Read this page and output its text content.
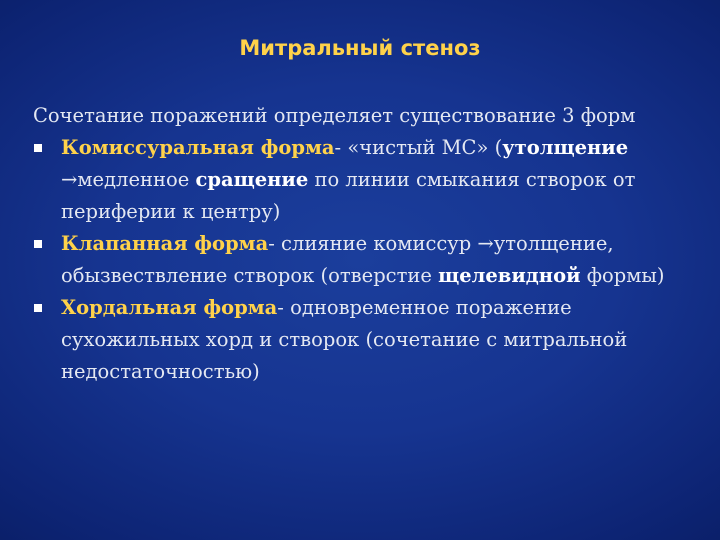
Митральный стеноз
Сочетание поражений определяет существование 3 форм
Комиссуральная форма- «чистый МС» (утолщение →медленное сращение по линии смыкания створок от периферии к центру)
Клапанная форма- слияние комиссур →утолщение, обызвествление створок (отверстие щелевидной формы)
Хордальная форма- одновременное поражение сухожильных хорд и створок (сочетание с митральной недостаточностью)
